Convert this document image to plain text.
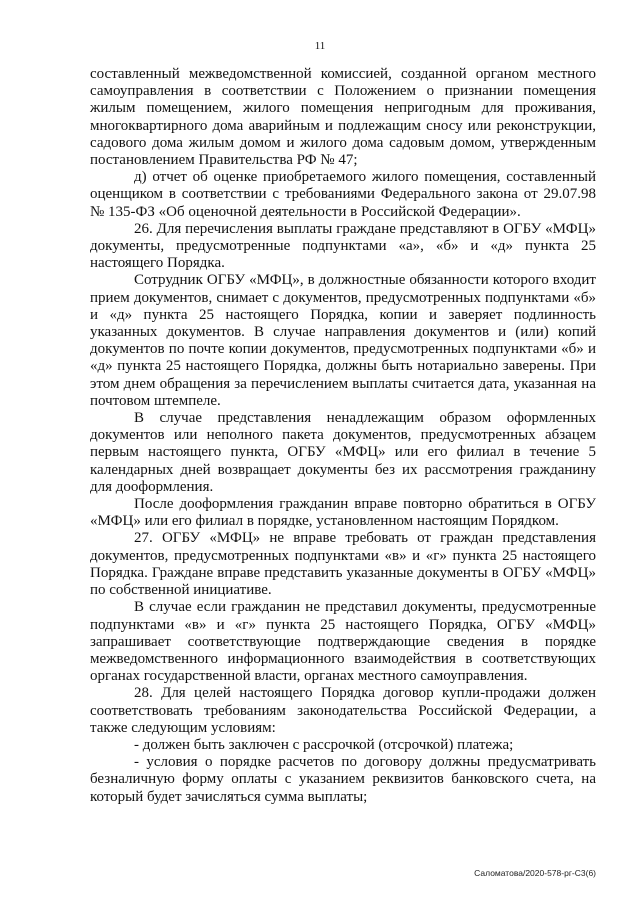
11

составленный межведомственной комиссией, созданной органом местного самоуправления в соответствии с Положением о признании помещения жилым помещением, жилого помещения непригодным для проживания, многоквартирного дома аварийным и подлежащим сносу или реконструкции, садового дома жилым домом и жилого дома садовым домом, утвержденным постановлением Правительства РФ № 47;

д) отчет об оценке приобретаемого жилого помещения, составленный оценщиком в соответствии с требованиями Федерального закона от 29.07.98 № 135-ФЗ «Об оценочной деятельности в Российской Федерации».

26. Для перечисления выплаты граждане представляют в ОГБУ «МФЦ» документы, предусмотренные подпунктами «а», «б» и «д» пункта 25 настоящего Порядка.

Сотрудник ОГБУ «МФЦ», в должностные обязанности которого входит прием документов, снимает с документов, предусмотренных подпунктами «б» и «д» пункта 25 настоящего Порядка, копии и заверяет подлинность указанных документов. В случае направления документов и (или) копий документов по почте копии документов, предусмотренных подпунктами «б» и «д» пункта 25 настоящего Порядка, должны быть нотариально заверены. При этом днем обращения за перечислением выплаты считается дата, указанная на почтовом штемпеле.

В случае представления ненадлежащим образом оформленных документов или неполного пакета документов, предусмотренных абзацем первым настоящего пункта, ОГБУ «МФЦ» или его филиал в течение 5 календарных дней возвращает документы без их рассмотрения гражданину для дооформления.

После дооформления гражданин вправе повторно обратиться в ОГБУ «МФЦ» или его филиал в порядке, установленном настоящим Порядком.

27. ОГБУ «МФЦ» не вправе требовать от граждан представления документов, предусмотренных подпунктами «в» и «г» пункта 25 настоящего Порядка. Граждане вправе представить указанные документы в ОГБУ «МФЦ» по собственной инициативе.

В случае если гражданин не представил документы, предусмотренные подпунктами «в» и «г» пункта 25 настоящего Порядка, ОГБУ «МФЦ» запрашивает соответствующие подтверждающие сведения в порядке межведомственного информационного взаимодействия в соответствующих органах государственной власти, органах местного самоуправления.

28. Для целей настоящего Порядка договор купли-продажи должен соответствовать требованиям законодательства Российской Федерации, а также следующим условиям:

- должен быть заключен с рассрочкой (отсрочкой) платежа;

- условия о порядке расчетов по договору должны предусматривать безналичную форму оплаты с указанием реквизитов банковского счета, на который будет зачисляться сумма выплаты;

Саломатова/2020-578-рг-С3(6)
